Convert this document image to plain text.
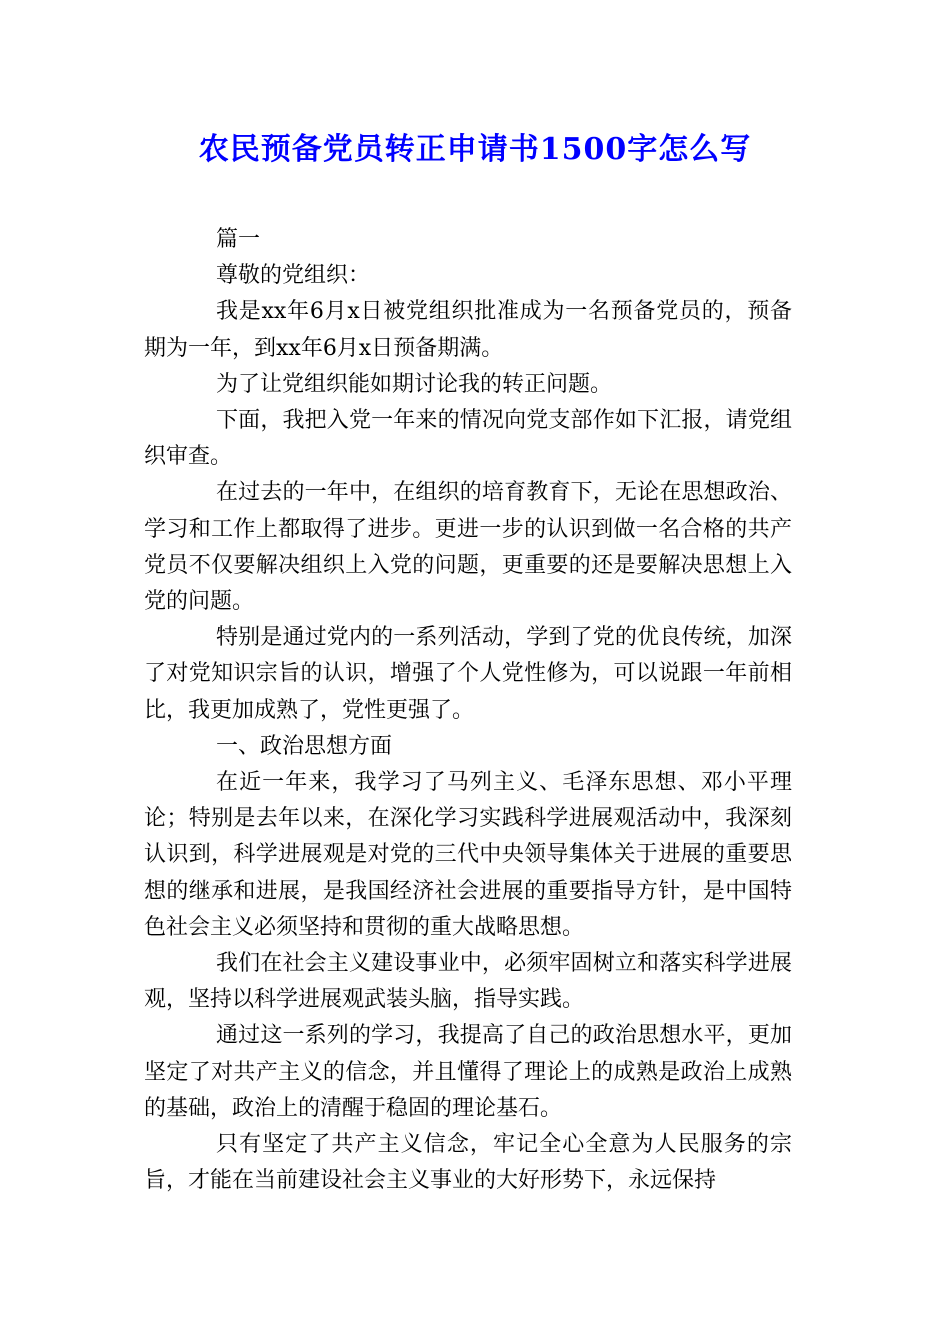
农民预备党员转正申请书1500字怎么写

篇一

尊敬的党组织：

我是xx年6月x日被党组织批准成为一名预备党员的，预备期为一年，到xx年6月x日预备期满。

为了让党组织能如期讨论我的转正问题。

下面，我把入党一年来的情况向党支部作如下汇报，请党组织审查。

在过去的一年中，在组织的培育教育下，无论在思想政治、学习和工作上都取得了进步。更进一步的认识到做一名合格的共产党员不仅要解决组织上入党的问题，更重要的还是要解决思想上入党的问题。

特别是通过党内的一系列活动，学到了党的优良传统，加深了对党知识宗旨的认识，增强了个人党性修为，可以说跟一年前相比，我更加成熟了，党性更强了。

一、政治思想方面

在近一年来，我学习了马列主义、毛泽东思想、邓小平理论；特别是去年以来，在深化学习实践科学进展观活动中，我深刻认识到，科学进展观是对党的三代中央领导集体关于进展的重要思想的继承和进展，是我国经济社会进展的重要指导方针，是中国特色社会主义必须坚持和贯彻的重大战略思想。

我们在社会主义建设事业中，必须牢固树立和落实科学进展观，坚持以科学进展观武装头脑，指导实践。

通过这一系列的学习，我提高了自己的政治思想水平，更加坚定了对共产主义的信念，并且懂得了理论上的成熟是政治上成熟的基础，政治上的清醒于稳固的理论基石。

只有坚定了共产主义信念，牢记全心全意为人民服务的宗旨，才能在当前建设社会主义事业的大好形势下，永远保持
